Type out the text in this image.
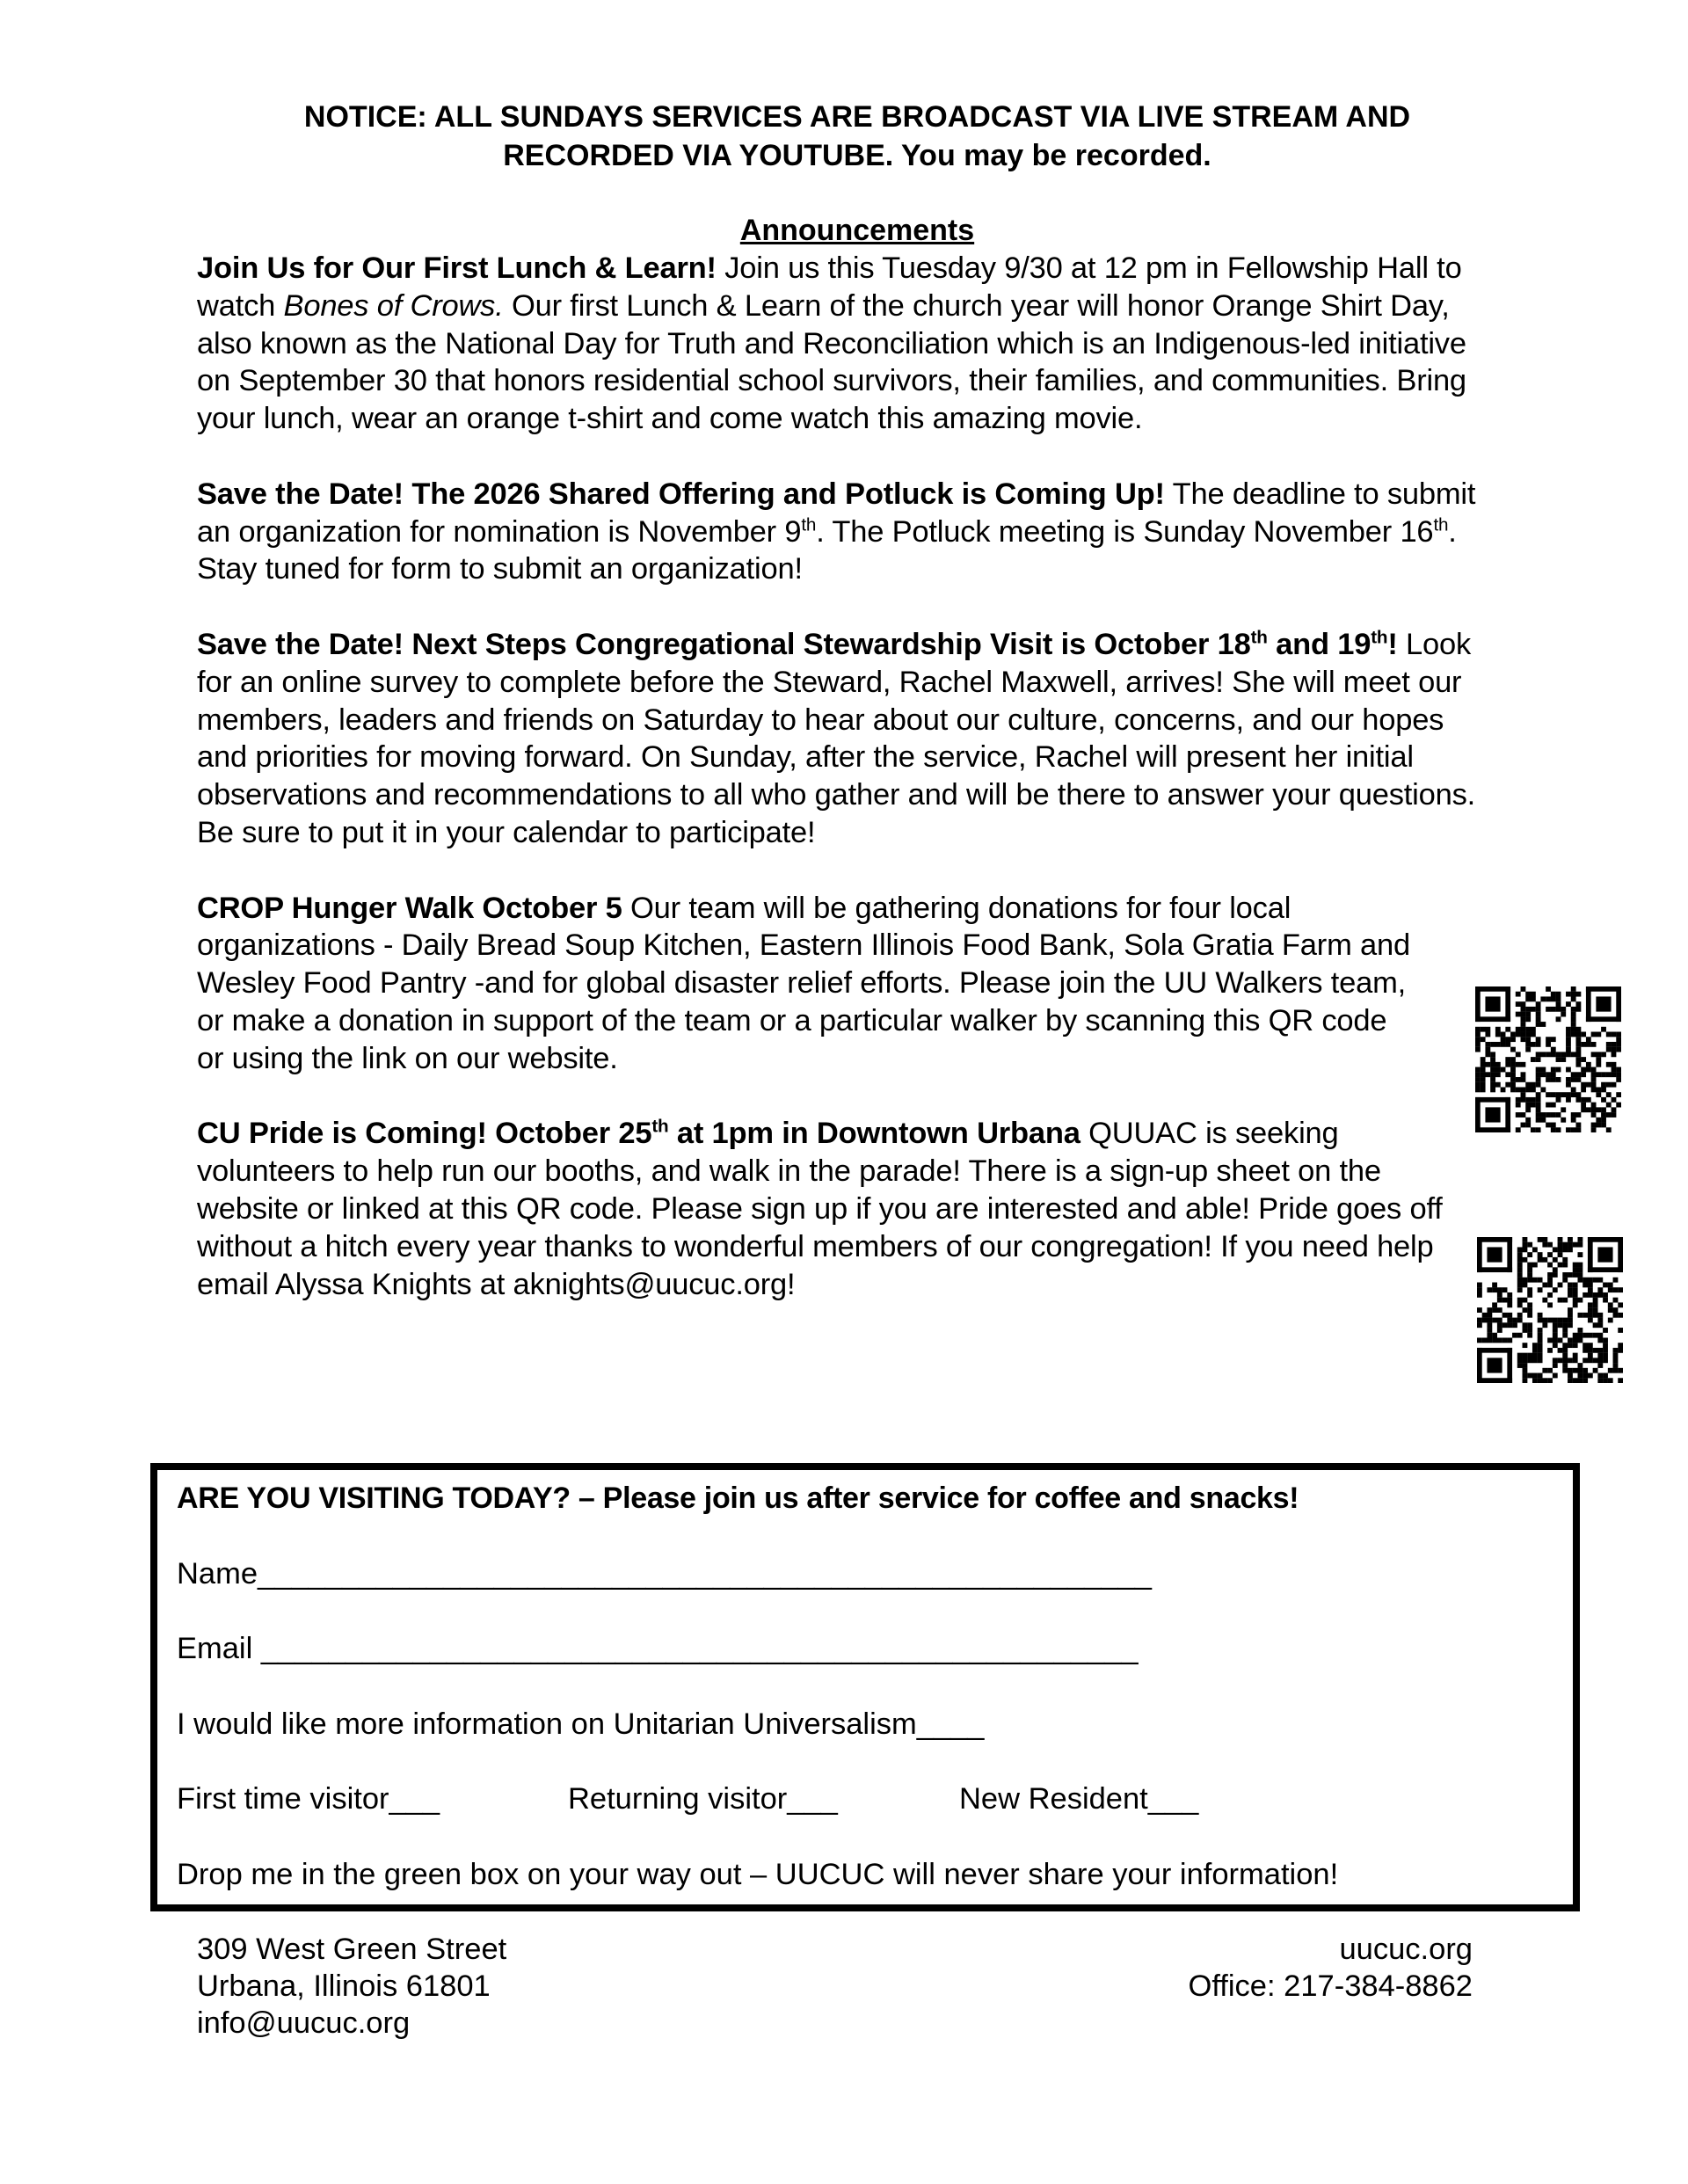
NOTICE: ALL SUNDAYS SERVICES ARE BROADCAST VIA LIVE STREAM AND
RECORDED VIA YOUTUBE. You may be recorded.
Announcements

Join Us for Our First Lunch & Learn! Join us this Tuesday 9/30 at 12 pm in Fellowship Hall to watch Bones of Crows. Our first Lunch & Learn of the church year will honor Orange Shirt Day, also known as the National Day for Truth and Reconciliation which is an Indigenous-led initiative on September 30 that honors residential school survivors, their families, and communities. Bring your lunch, wear an orange t-shirt and come watch this amazing movie.

Save the Date! The 2026 Shared Offering and Potluck is Coming Up! The deadline to submit an organization for nomination is November 9th. The Potluck meeting is Sunday November 16th. Stay tuned for form to submit an organization!

Save the Date! Next Steps Congregational Stewardship Visit is October 18th and 19th! Look for an online survey to complete before the Steward, Rachel Maxwell, arrives! She will meet our members, leaders and friends on Saturday to hear about our culture, concerns, and our hopes and priorities for moving forward. On Sunday, after the service, Rachel will present her initial observations and recommendations to all who gather and will be there to answer your questions. Be sure to put it in your calendar to participate!

CROP Hunger Walk October 5 Our team will be gathering donations for four local organizations - Daily Bread Soup Kitchen, Eastern Illinois Food Bank, Sola Gratia Farm and Wesley Food Pantry -and for global disaster relief efforts. Please join the UU Walkers team, or make a donation in support of the team or a particular walker by scanning this QR code or using the link on our website.

CU Pride is Coming! October 25th at 1pm in Downtown Urbana QUUAC is seeking volunteers to help run our booths, and walk in the parade! There is a sign-up sheet on the website or linked at this QR code. Please sign up if you are interested and able! Pride goes off without a hitch every year thanks to wonderful members of our congregation! If you need help email Alyssa Knights at aknights@uucuc.org!

ARE YOU VISITING TODAY? – Please join us after service for coffee and snacks!
Name_____________________________________________________
Email ____________________________________________________
I would like more information on Unitarian Universalism____
First time visitor___	Returning visitor___	New Resident___
Drop me in the green box on your way out – UUCUC will never share your information!
309 West Green Street
Urbana, Illinois 61801
info@uucuc.org
uucuc.org
Office: 217-384-8862
